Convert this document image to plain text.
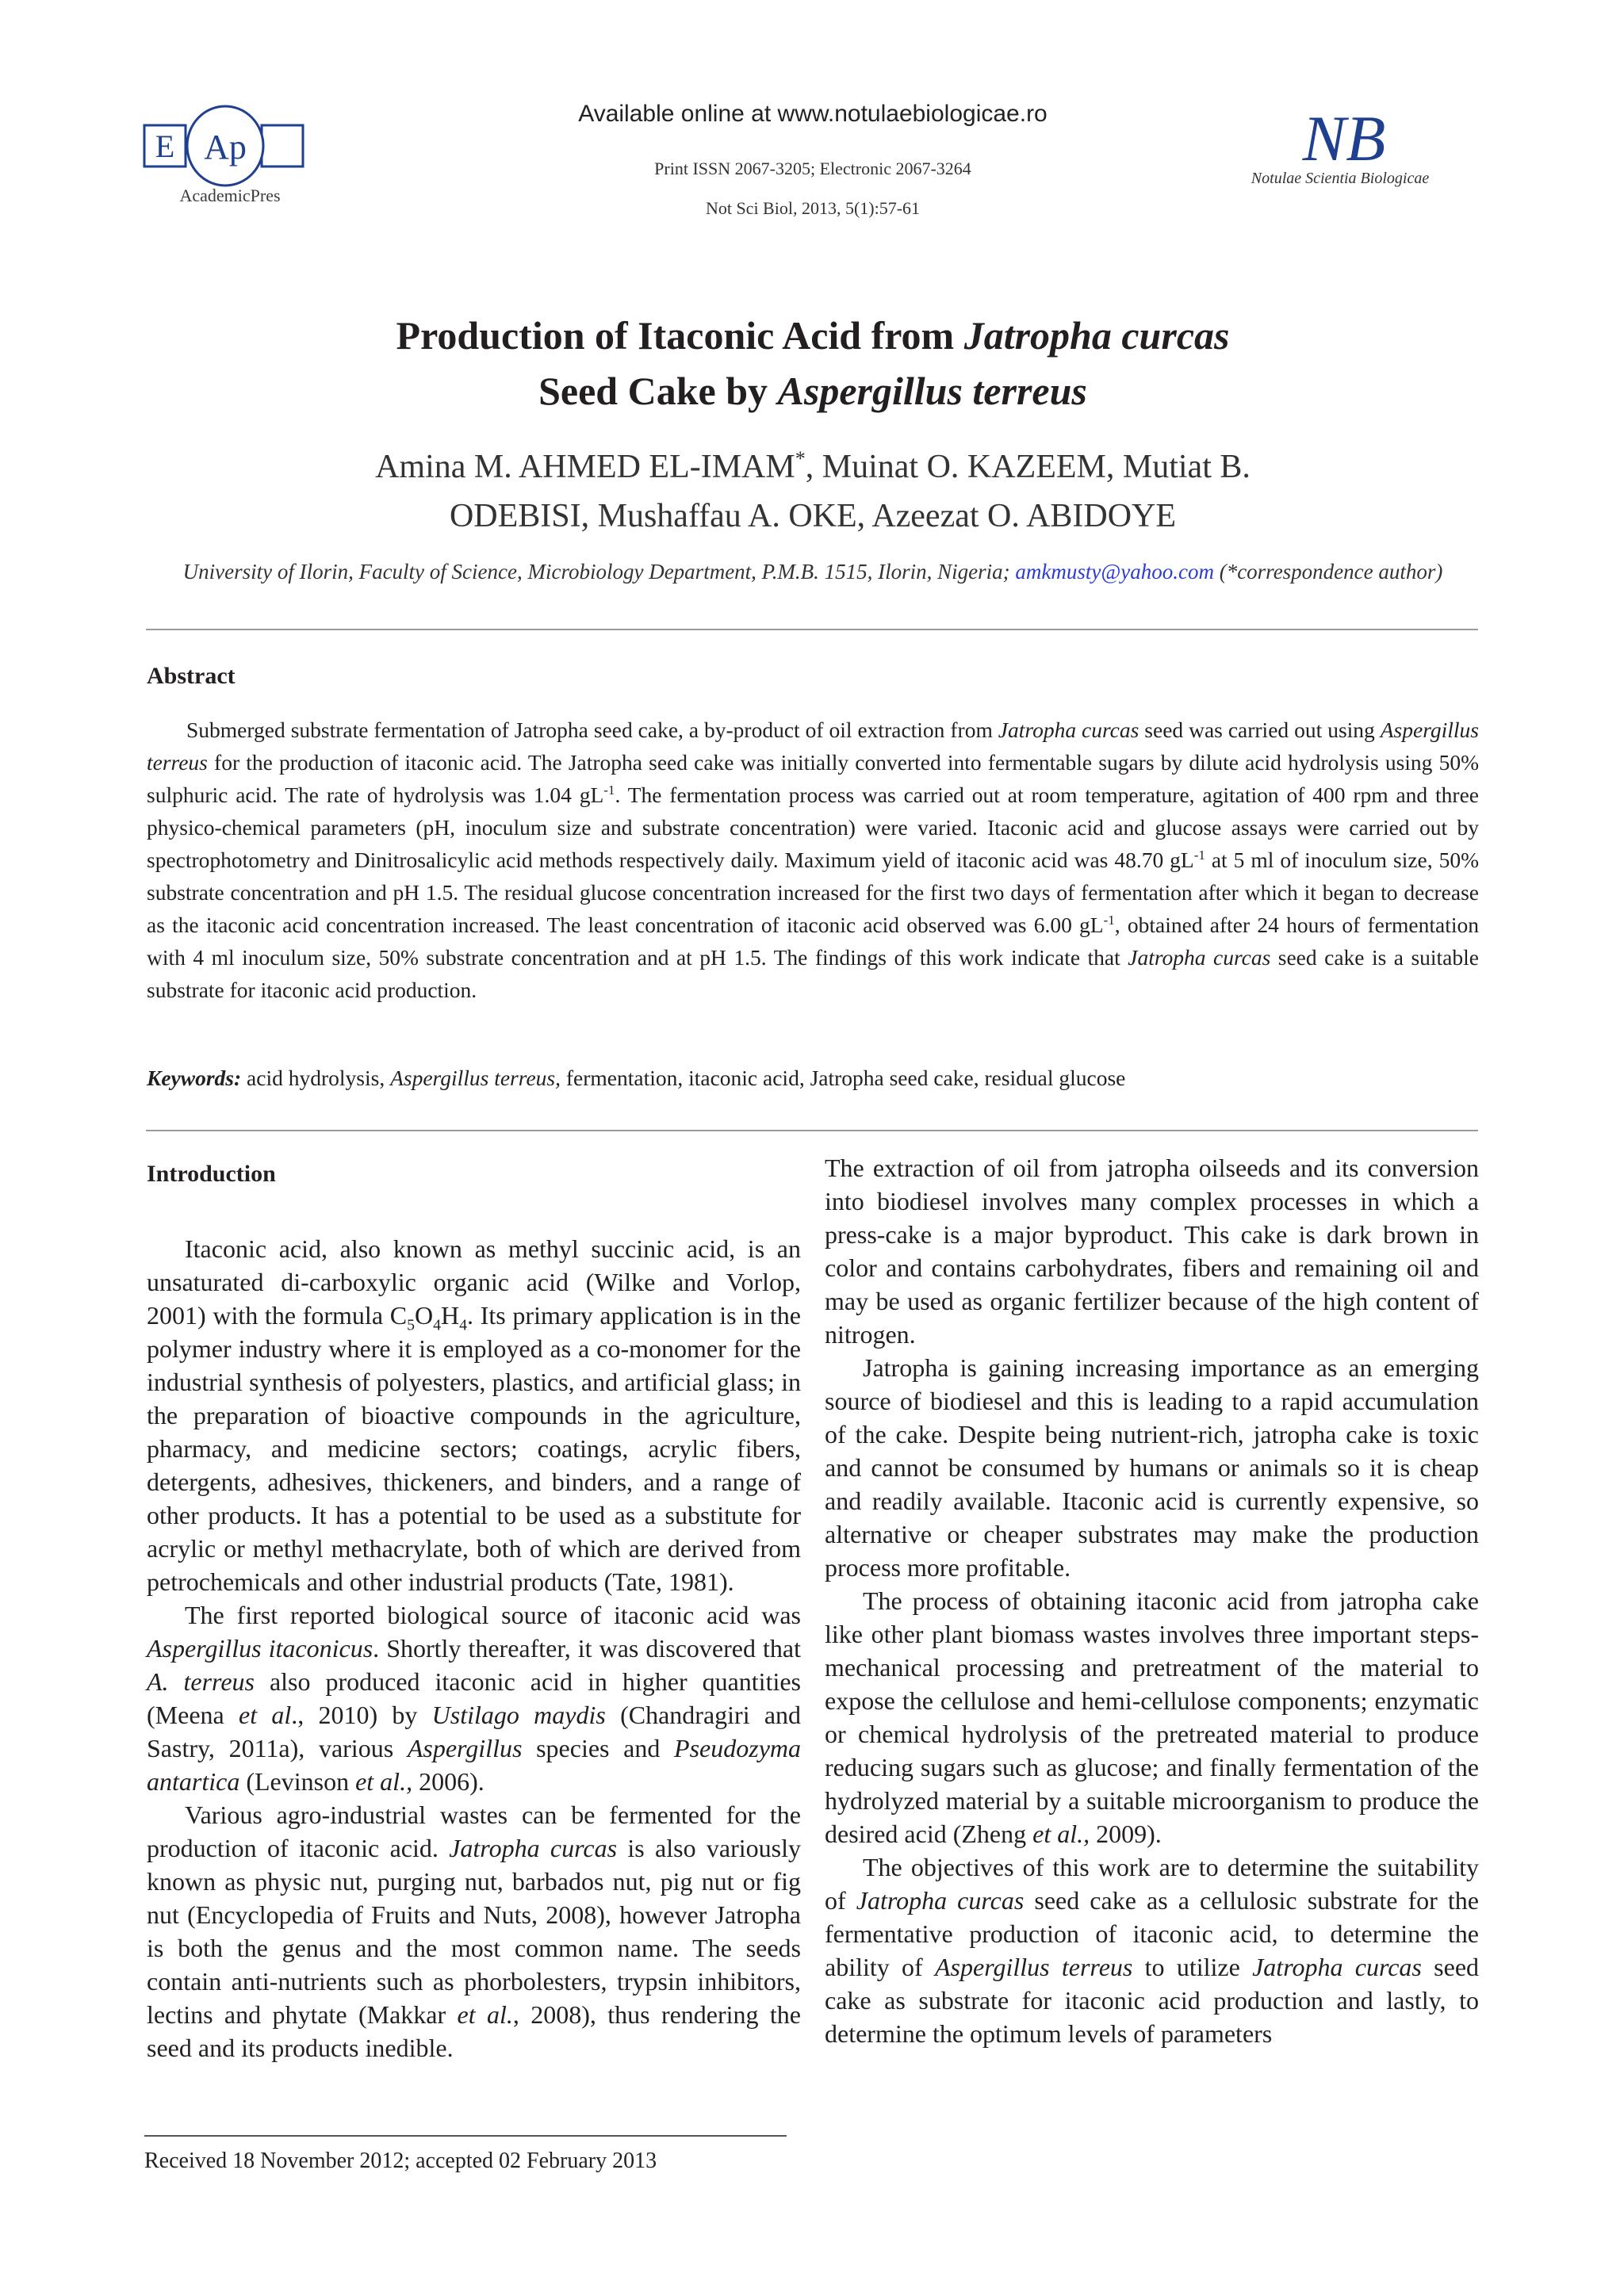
E Ap
AcademicPres
Available online at www.notulaebiologicae.ro
Print ISSN 2067-3205; Electronic 2067-3264
Not Sci Biol, 2013, 5(1):57-61
NB
Notulae Scientia Biologicae
Production of Itaconic Acid from Jatropha curcas
Seed Cake by Aspergillus terreus
Amina M. AHMED EL-IMAM*, Muinat O. KAZEEM, Mutiat B.
ODEBISI, Mushaffau A. OKE, Azeezat O. ABIDOYE
University of Ilorin, Faculty of Science, Microbiology Department, P.M.B. 1515, Ilorin, Nigeria; amkmusty@yahoo.com (*correspondence author)
Abstract

Submerged substrate fermentation of Jatropha seed cake, a by-product of oil extraction from Jatropha curcas seed was carried out using Aspergillus terreus for the production of itaconic acid. The Jatropha seed cake was initially converted into fermentable sugars by dilute acid hydrolysis using 50% sulphuric acid. The rate of hydrolysis was 1.04 $gL^{-1}$. The fermentation process was carried out at room temperature, agitation of 400 rpm and three physico-chemical parameters (pH, inoculum size and substrate concentration) were varied. Itaconic acid and glucose assays were carried out by spectrophotometry and Dinitrosalicylic acid methods respectively daily. Maximum yield of itaconic acid was 48.70 $gL^{-1}$ at 5 ml of inoculum size, 50% substrate concentration and pH 1.5. The residual glucose concentration increased for the first two days of fermentation after which it began to decrease as the itaconic acid concentration increased. The least concentration of itaconic acid observed was 6.00 $gL^{-1}$, obtained after 24 hours of fermentation with 4 ml inoculum size, 50% substrate concentration and at pH 1.5. The findings of this work indicate that Jatropha curcas seed cake is a suitable substrate for itaconic acid production.

Keywords: acid hydrolysis, Aspergillus terreus, fermentation, itaconic acid, Jatropha seed cake, residual glucose

Introduction

Itaconic acid, also known as methyl succinic acid, is an unsaturated di-carboxylic organic acid (Wilke and Vorlop, 2001) with the formula $C_5O_4H_4$. Its primary application is in the polymer industry where it is employed as a co-monomer for the industrial synthesis of polyesters, plastics, and artificial glass; in the preparation of bioactive compounds in the agriculture, pharmacy, and medicine sectors; coatings, acrylic fibers, detergents, adhesives, thickeners, and binders, and a range of other products. It has a potential to be used as a substitute for acrylic or methyl methacrylate, both of which are derived from petrochemicals and other industrial products (Tate, 1981).

The first reported biological source of itaconic acid was Aspergillus itaconicus. Shortly thereafter, it was discovered that A. terreus also produced itaconic acid in higher quantities (Meena et al., 2010) by Ustilago maydis (Chandragiri and Sastry, 2011a), various Aspergillus species and Pseudozyma antartica (Levinson et al., 2006).

Various agro-industrial wastes can be fermented for the production of itaconic acid. Jatropha curcas is also variously known as physic nut, purging nut, barbados nut, pig nut or fig nut (Encyclopedia of Fruits and Nuts, 2008), however Jatropha is both the genus and the most common name. The seeds contain anti-nutrients such as phorbolesters, trypsin inhibitors, lectins and phytate (Makkar et al., 2008), thus rendering the seed and its products inedible.

The extraction of oil from jatropha oilseeds and its conversion into biodiesel involves many complex processes in which a press-cake is a major byproduct. This cake is dark brown in color and contains carbohydrates, fibers and remaining oil and may be used as organic fertilizer because of the high content of nitrogen.

Jatropha is gaining increasing importance as an emerging source of biodiesel and this is leading to a rapid accumulation of the cake. Despite being nutrient-rich, jatropha cake is toxic and cannot be consumed by humans or animals so it is cheap and readily available. Itaconic acid is currently expensive, so alternative or cheaper substrates may make the production process more profitable.

The process of obtaining itaconic acid from jatropha cake like other plant biomass wastes involves three important steps- mechanical processing and pretreatment of the material to expose the cellulose and hemi-cellulose components; enzymatic or chemical hydrolysis of the pretreated material to produce reducing sugars such as glucose; and finally fermentation of the hydrolyzed material by a suitable microorganism to produce the desired acid (Zheng et al., 2009).

The objectives of this work are to determine the suitability of Jatropha curcas seed cake as a cellulosic substrate for the fermentative production of itaconic acid, to determine the ability of Aspergillus terreus to utilize Jatropha curcas seed cake as substrate for itaconic acid production and lastly, to determine the optimum levels of parameters

Received 18 November 2012; accepted 02 February 2013
